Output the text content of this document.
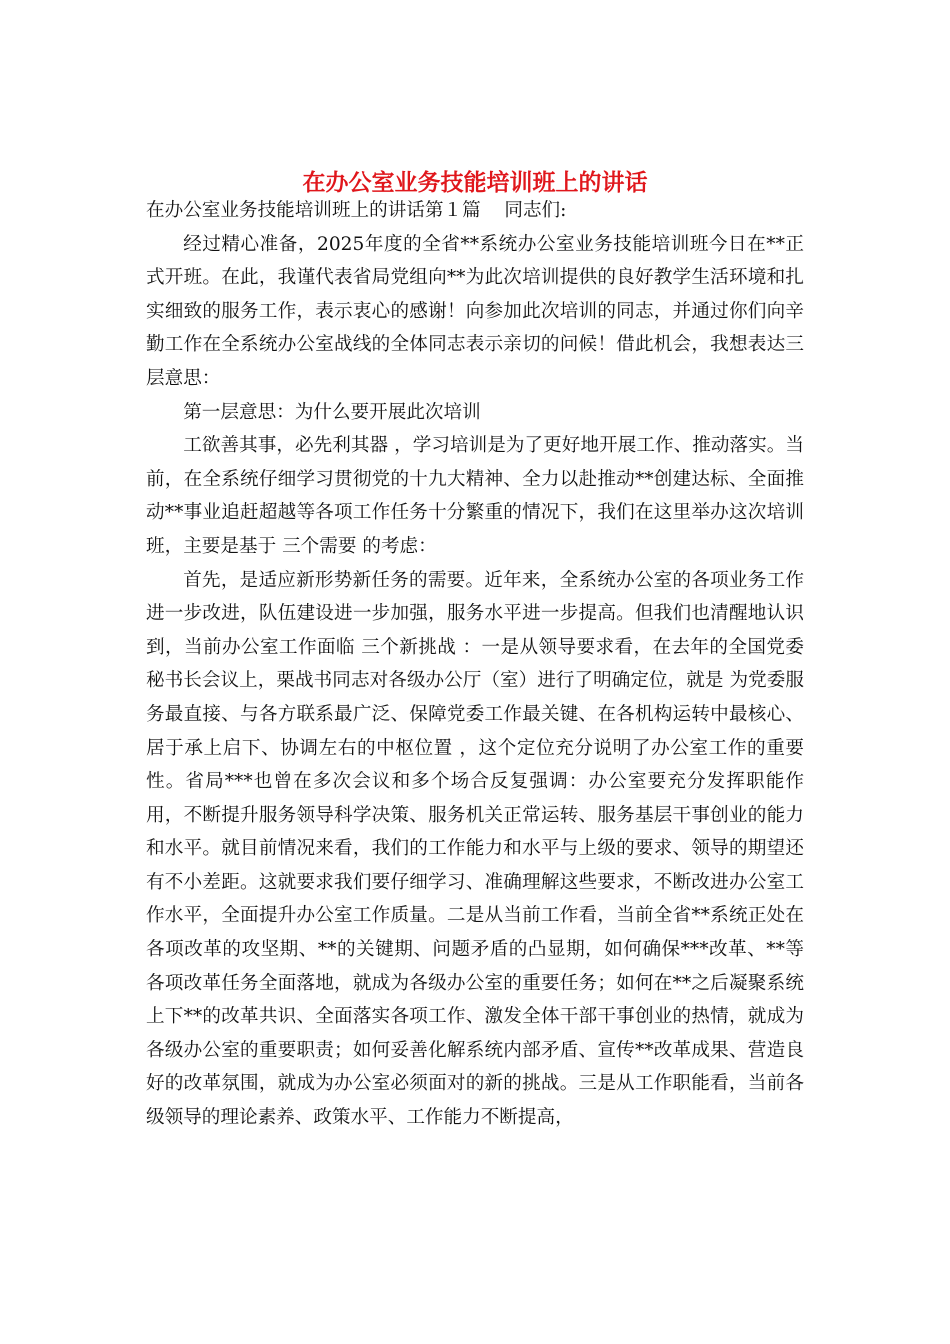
在办公室业务技能培训班上的讲话

在办公室业务技能培训班上的讲话第１篇 同志们:

经过精心准备，2025年度的全省**系统办公室业务技能培训班今日在**正式开班。在此，我谨代表省局党组向**为此次培训提供的良好教学生活环境和扎实细致的服务工作，表示衷心的感谢！向参加此次培训的同志，并通过你们向辛勤工作在全系统办公室战线的全体同志表示亲切的问候！借此机会，我想表达三层意思：

第一层意思：为什么要开展此次培训

工欲善其事，必先利其器 ，学习培训是为了更好地开展工作、推动落实。当前，在全系统仔细学习贯彻党的十九大精神、全力以赴推动**创建达标、全面推动**事业追赶超越等各项工作任务十分繁重的情况下，我们在这里举办这次培训班，主要是基于 三个需要 的考虑：

首先，是适应新形势新任务的需要。近年来，全系统办公室的各项业务工作进一步改进，队伍建设进一步加强，服务水平进一步提高。但我们也清醒地认识到，当前办公室工作面临 三个新挑战 ：一是从领导要求看，在去年的全国党委秘书长会议上，栗战书同志对各级办公厅（室）进行了明确定位，就是 为党委服务最直接、与各方联系最广泛、保障党委工作最关键、在各机构运转中最核心、居于承上启下、协调左右的中枢位置 ，这个定位充分说明了办公室工作的重要性。省局***也曾在多次会议和多个场合反复强调：办公室要充分发挥职能作用，不断提升服务领导科学决策、服务机关正常运转、服务基层干事创业的能力和水平。就目前情况来看，我们的工作能力和水平与上级的要求、领导的期望还有不小差距。这就要求我们要仔细学习、准确理解这些要求，不断改进办公室工作水平，全面提升办公室工作质量。二是从当前工作看，当前全省**系统正处在各项改革的攻坚期、**的关键期、问题矛盾的凸显期，如何确保***改革、**等各项改革任务全面落地，就成为各级办公室的重要任务；如何在**之后凝聚系统上下**的改革共识、全面落实各项工作、激发全体干部干事创业的热情，就成为各级办公室的重要职责；如何妥善化解系统内部矛盾、宣传**改革成果、营造良好的改革氛围，就成为办公室必须面对的新的挑战。三是从工作职能看，当前各级领导的理论素养、政策水平、工作能力不断提高，
